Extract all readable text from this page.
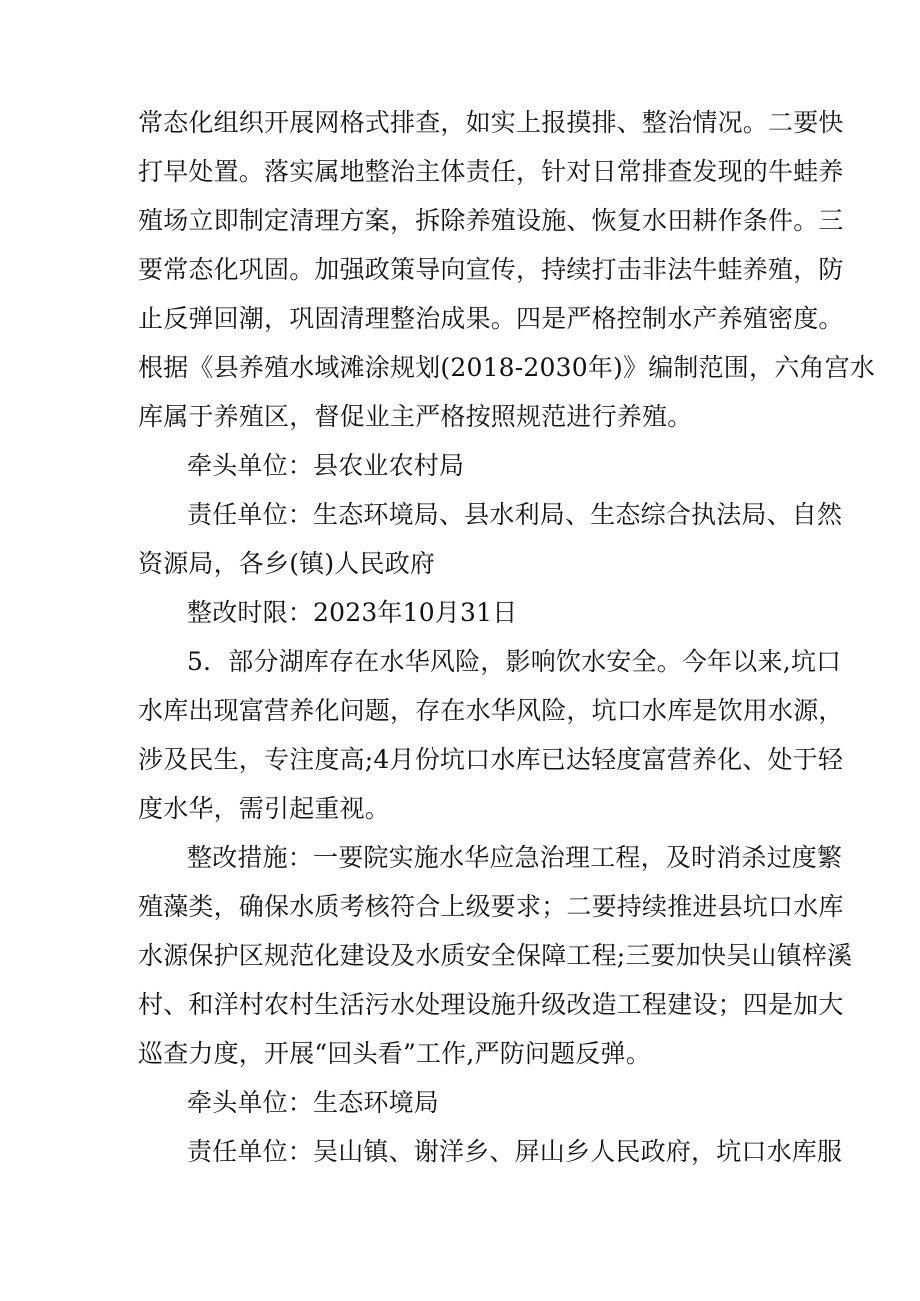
常态化组织开展网格式排查，如实上报摸排、整治情况。二要快
打早处置。落实属地整治主体责任，针对日常排查发现的牛蛙养
殖场立即制定清理方案，拆除养殖设施、恢复水田耕作条件。三
要常态化巩固。加强政策导向宣传，持续打击非法牛蛙养殖，防
止反弹回潮，巩固清理整治成果。四是严格控制水产养殖密度。
根据《县养殖水域滩涂规划(2018-2030年)》编制范围，六角宫水
库属于养殖区，督促业主严格按照规范进行养殖。
牵头单位：县农业农村局
责任单位：生态环境局、县水利局、生态综合执法局、自然
资源局，各乡(镇)人民政府
整改时限：2023年10月31日
5．部分湖库存在水华风险，影响饮水安全。今年以来,坑口
水库出现富营养化问题，存在水华风险，坑口水库是饮用水源，
涉及民生，专注度高;4月份坑口水库已达轻度富营养化、处于轻
度水华，需引起重视。
整改措施：一要院实施水华应急治理工程，及时消杀过度繁
殖藻类，确保水质考核符合上级要求；二要持续推进县坑口水库
水源保护区规范化建设及水质安全保障工程;三要加快吴山镇梓溪
村、和洋村农村生活污水处理设施升级改造工程建设；四是加大
巡查力度，开展“回头看”工作,严防问题反弹。
牵头单位：生态环境局
责任单位：吴山镇、谢洋乡、屏山乡人民政府，坑口水库服
